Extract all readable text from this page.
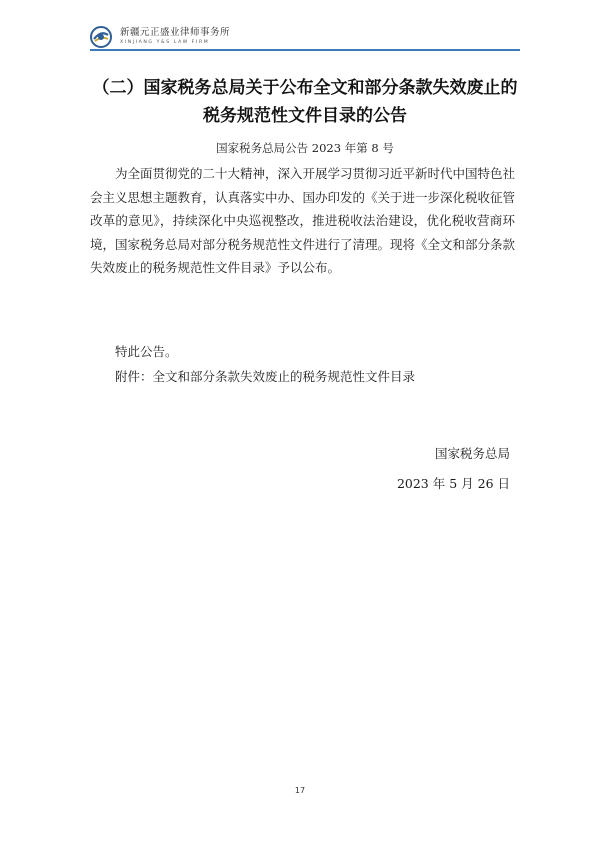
新疆元正盛业律师事务所
XINJIANG Y&S LAW FIRM
（二）国家税务总局关于公布全文和部分条款失效废止的税务规范性文件目录的公告
国家税务总局公告 2023 年第 8 号

为全面贯彻党的二十大精神，深入开展学习贯彻习近平新时代中国特色社会主义思想主题教育，认真落实中办、国办印发的《关于进一步深化税收征管改革的意见》，持续深化中央巡视整改，推进税收法治建设，优化税收营商环境，国家税务总局对部分税务规范性文件进行了清理。现将《全文和部分条款失效废止的税务规范性文件目录》予以公布。

特此公告。

附件：全文和部分条款失效废止的税务规范性文件目录

国家税务总局
2023 年 5 月 26 日
17
